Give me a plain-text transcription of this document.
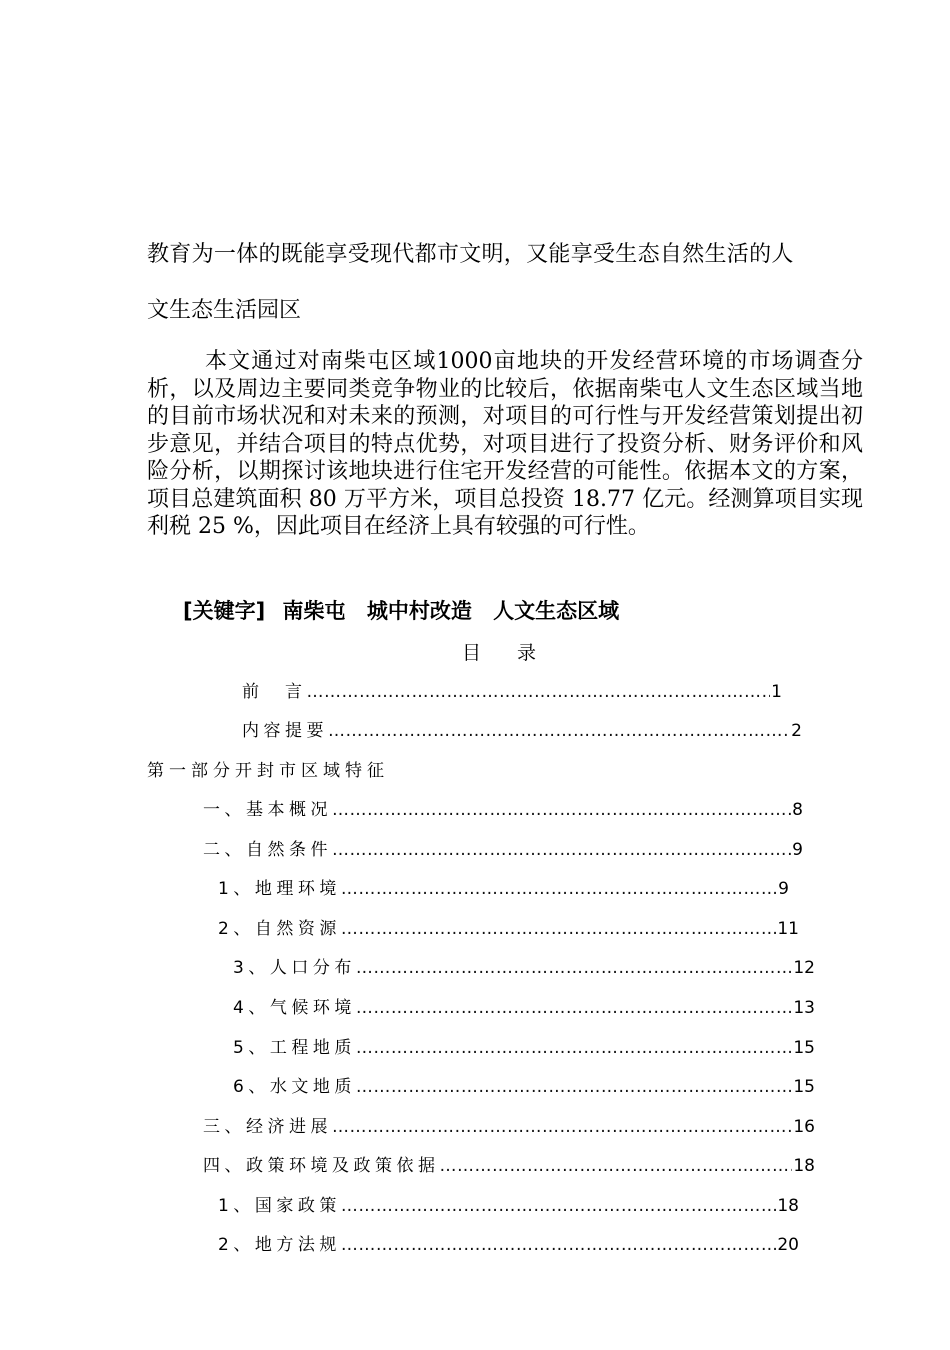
教育为一体的既能享受现代都市文明，又能享受生态自然生活的人
文生态生活园区
本文通过对南柴屯区域1000亩地块的开发经营环境的市场调查分析，以及周边主要同类竞争物业的比较后，依据南柴屯人文生态区域当地的目前市场状况和对未来的预测，对项目的可行性与开发经营策划提出初步意见，并结合项目的特点优势，对项目进行了投资分析、财务评价和风险分析，以期探讨该地块进行住宅开发经营的可能性。依据本文的方案，项目总建筑面积 80 万平方米，项目总投资 18.77 亿元。经测算项目实现利税 25 %，因此项目在经济上具有较强的可行性。
[关键字] 南柴屯 城中村改造 人文生态区域
目录
前　言 ……………………………………………………………………………………………………………………………………………………	1
内容提要 ……………………………………………………………………………………………………………………………………………………	2
第一部分开封市区域特征
一、基本概况 ……………………………………………………………………………………………………………………………………………………	8
二、自然条件 ……………………………………………………………………………………………………………………………………………………	9
1、地理环境 ……………………………………………………………………………………………………………………………………………………	9
2、自然资源 ……………………………………………………………………………………………………………………………………………………	11
3、人口分布 ……………………………………………………………………………………………………………………………………………………	12
4、气候环境 ……………………………………………………………………………………………………………………………………………………	13
5、工程地质 ……………………………………………………………………………………………………………………………………………………	15
6、水文地质 ……………………………………………………………………………………………………………………………………………………	15
三、经济进展 ……………………………………………………………………………………………………………………………………………………	16
四、政策环境及政策依据 ……………………………………………………………………………………………………………………………………………………	18
1、国家政策 ……………………………………………………………………………………………………………………………………………………	18
2、地方法规 ……………………………………………………………………………………………………………………………………………………	20
